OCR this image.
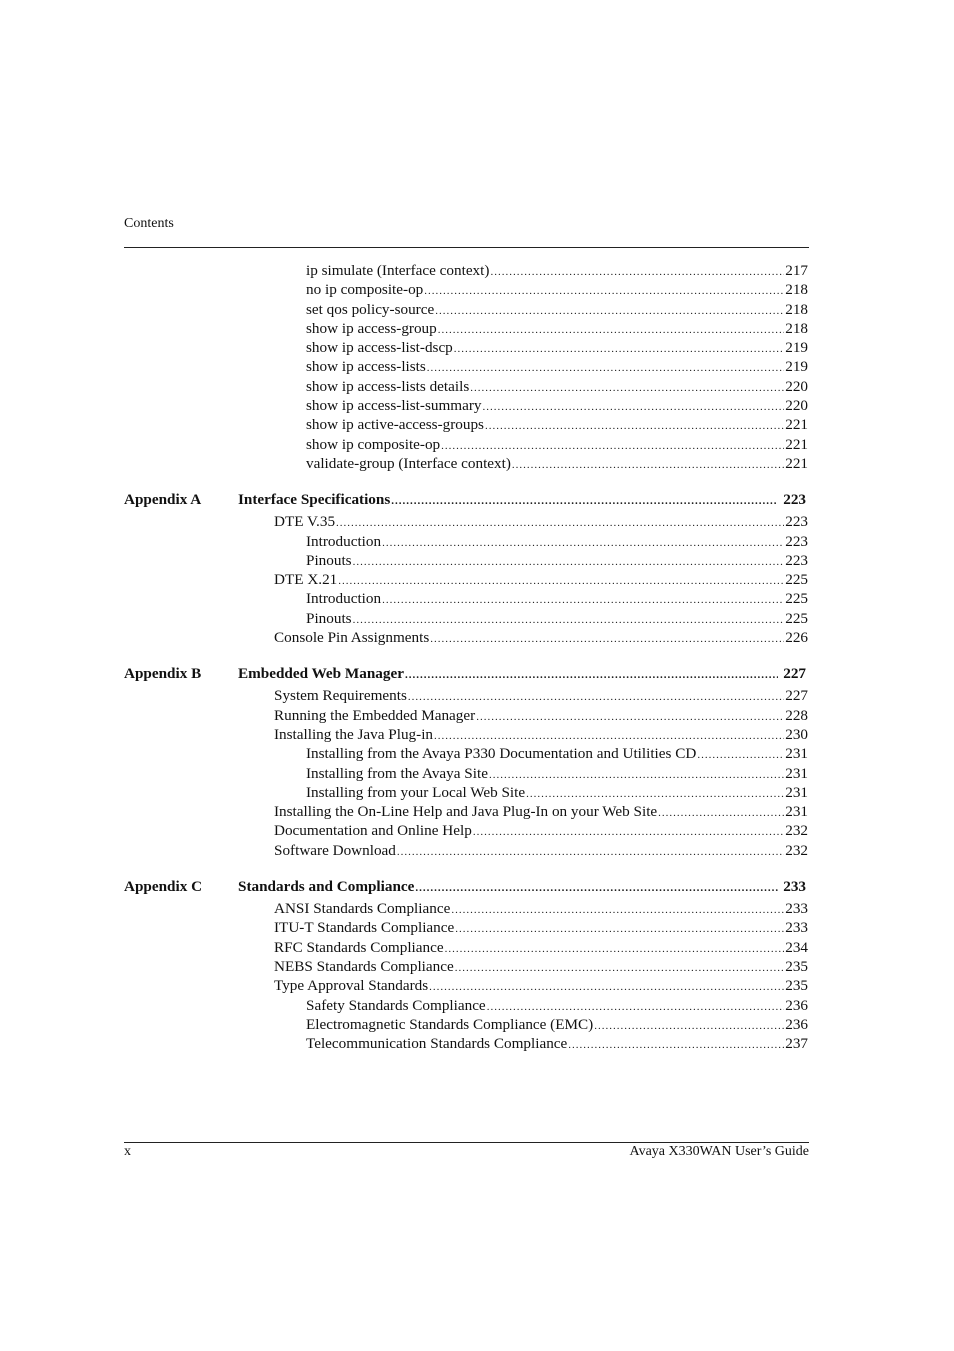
Contents
ip simulate (Interface context) .....	217
no ip composite-op .....	218
set qos policy-source .....	218
show ip access-group .....	218
show ip access-list-dscp .....	219
show ip access-lists .....	219
show ip access-lists details .....	220
show ip access-list-summary .....	220
show ip active-access-groups .....	221
show ip composite-op .....	221
validate-group (Interface context) .....	221
Appendix A Interface Specifications .....	223
DTE V.35 .....	223
Introduction .....	223
Pinouts .....	223
DTE X.21 .....	225
Introduction .....	225
Pinouts .....	225
Console Pin Assignments .....	226
Appendix B Embedded Web Manager .....	227
System Requirements .....	227
Running the Embedded Manager .....	228
Installing the Java Plug-in .....	230
Installing from the Avaya P330 Documentation and Utilities CD .....	231
Installing from the Avaya Site .....	231
Installing from your Local Web Site .....	231
Installing the On-Line Help and Java Plug-In on your Web Site .....	231
Documentation and Online Help .....	232
Software Download .....	232
Appendix C Standards and Compliance .....	233
ANSI Standards Compliance .....	233
ITU-T Standards Compliance .....	233
RFC Standards Compliance .....	234
NEBS Standards Compliance .....	235
Type Approval Standards .....	235
Safety Standards Compliance .....	236
Electromagnetic Standards Compliance (EMC) .....	236
Telecommunication Standards Compliance .....	237
x	Avaya X330WAN User’s Guide
